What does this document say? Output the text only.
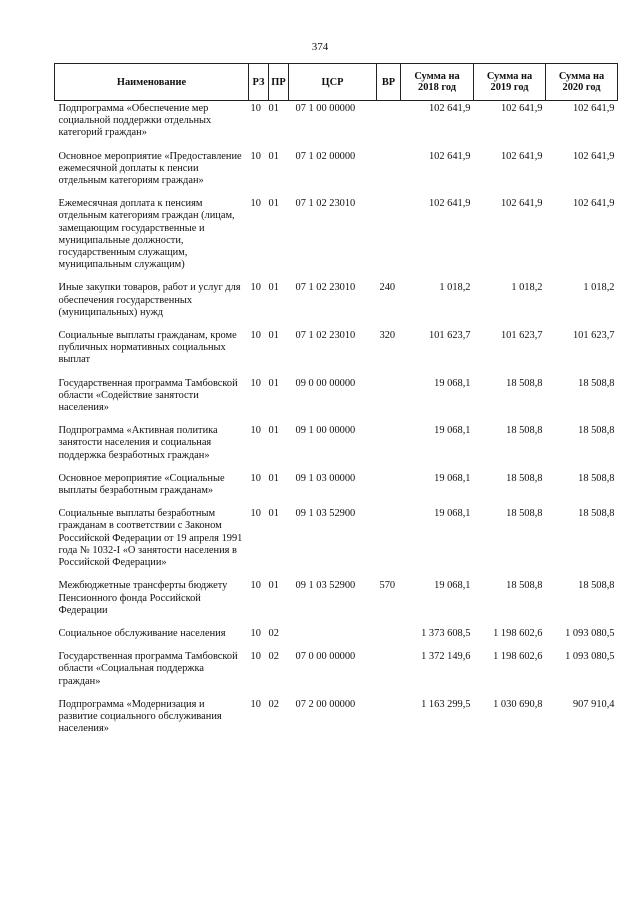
374
Наименование	РЗ	ПР	ЦСР	ВР	Сумма на 2018 год	Сумма на 2019 год	Сумма на 2020 год
Подпрограмма «Обеспечение мер социальной поддержки отдельных категорий граждан»	10	01	07 1 00 00000		102 641,9	102 641,9	102 641,9
Основное мероприятие «Предоставление ежемесячной доплаты к пенсии отдельным категориям граждан»	10	01	07 1 02 00000		102 641,9	102 641,9	102 641,9
Ежемесячная доплата к пенсиям отдельным категориям граждан (лицам, замещающим государственные и муниципальные должности, государственным служащим, муниципальным служащим)	10	01	07 1 02 23010		102 641,9	102 641,9	102 641,9
Иные закупки товаров, работ и услуг для обеспечения государственных (муниципальных) нужд	10	01	07 1 02 23010	240	1 018,2	1 018,2	1 018,2
Социальные выплаты гражданам, кроме публичных нормативных социальных выплат	10	01	07 1 02 23010	320	101 623,7	101 623,7	101 623,7
Государственная программа Тамбовской области «Содействие занятости населения»	10	01	09 0 00 00000		19 068,1	18 508,8	18 508,8
Подпрограмма «Активная политика занятости населения и социальная поддержка безработных граждан»	10	01	09 1 00 00000		19 068,1	18 508,8	18 508,8
Основное мероприятие «Социальные выплаты безработным гражданам»	10	01	09 1 03 00000		19 068,1	18 508,8	18 508,8
Социальные выплаты безработным гражданам в соответствии с Законом Российской Федерации от 19 апреля 1991 года № 1032-I «О занятости населения в Российской Федерации»	10	01	09 1 03 52900		19 068,1	18 508,8	18 508,8
Межбюджетные трансферты бюджету Пенсионного фонда Российской Федерации	10	01	09 1 03 52900	570	19 068,1	18 508,8	18 508,8
Социальное обслуживание населения	10	02			1 373 608,5	1 198 602,6	1 093 080,5
Государственная программа Тамбовской области «Социальная поддержка граждан»	10	02	07 0 00 00000		1 372 149,6	1 198 602,6	1 093 080,5
Подпрограмма «Модернизация и развитие социального обслуживания населения»	10	02	07 2 00 00000		1 163 299,5	1 030 690,8	907 910,4
